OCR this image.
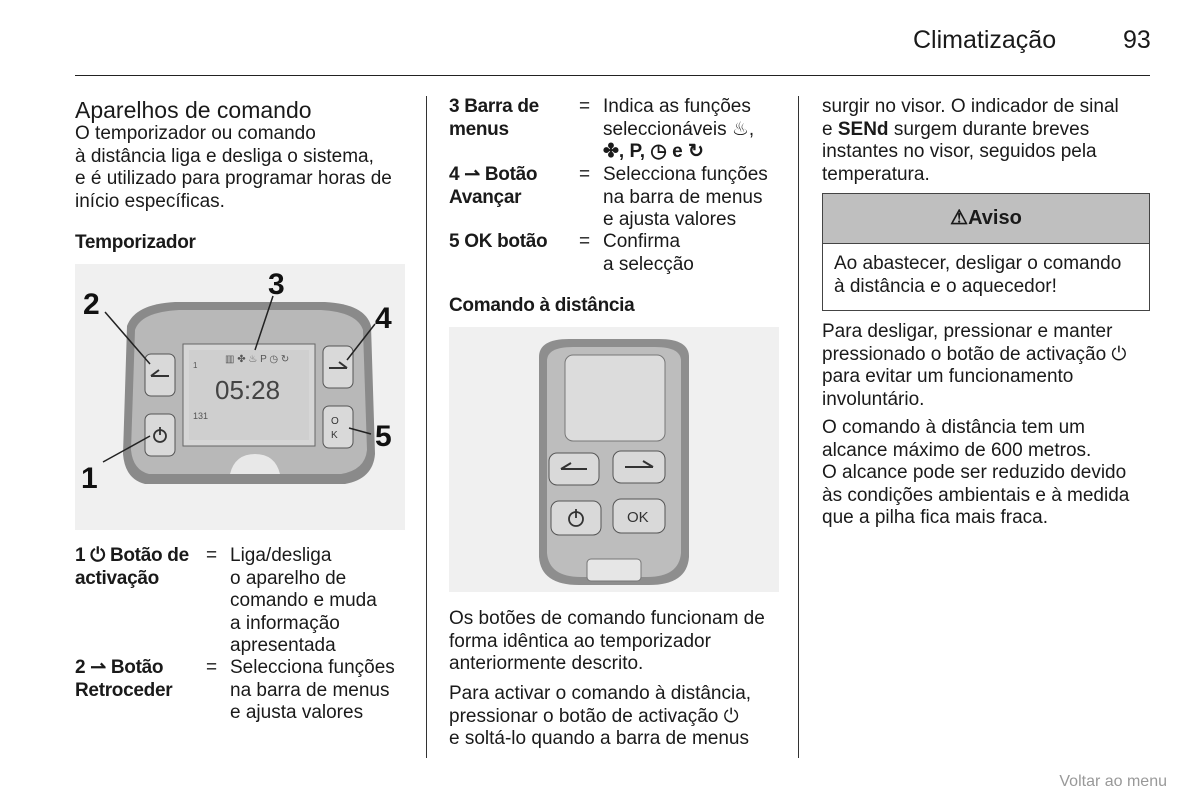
Climatização	93
Aparelhos de comando
O temporizador ou comando
à distância liga e desliga o sistema,
e é utilizado para programar horas de
início específicas.
Temporizador
▥ ✤ ♨ P ◷ ↻
05:28
1
131	O
K
1
2
3
4
5
1 ⏻ Botão de
activação
= Liga/desliga
o aparelho de
comando e muda
a informação
apresentada
2 ⇀ Botão
Retroceder
= Selecciona funções
na barra de menus
e ajusta valores
3 Barra de
menus
= Indica as funções
seleccionáveis ♨,
✤, P, ◷ e ↻
4 ⇀ Botão
Avançar
= Selecciona funções
na barra de menus
e ajusta valores
5 OK botão = Confirma
a selecção
Comando à distância
OK
Os botões de comando funcionam de
forma idêntica ao temporizador
anteriormente descrito.
Para activar o comando à distância,
pressionar o botão de activação ⏻
e soltá-lo quando a barra de menus
surgir no visor. O indicador de sinal
e SENd surgem durante breves
instantes no visor, seguidos pela
temperatura.
⚠Aviso
Ao abastecer, desligar o comando
à distância e o aquecedor!
Para desligar, pressionar e manter
pressionado o botão de activação ⏻
para evitar um funcionamento
involuntário.
O comando à distância tem um
alcance máximo de 600 metros.
O alcance pode ser reduzido devido
às condições ambientais e à medida
que a pilha fica mais fraca.
Voltar ao menu
